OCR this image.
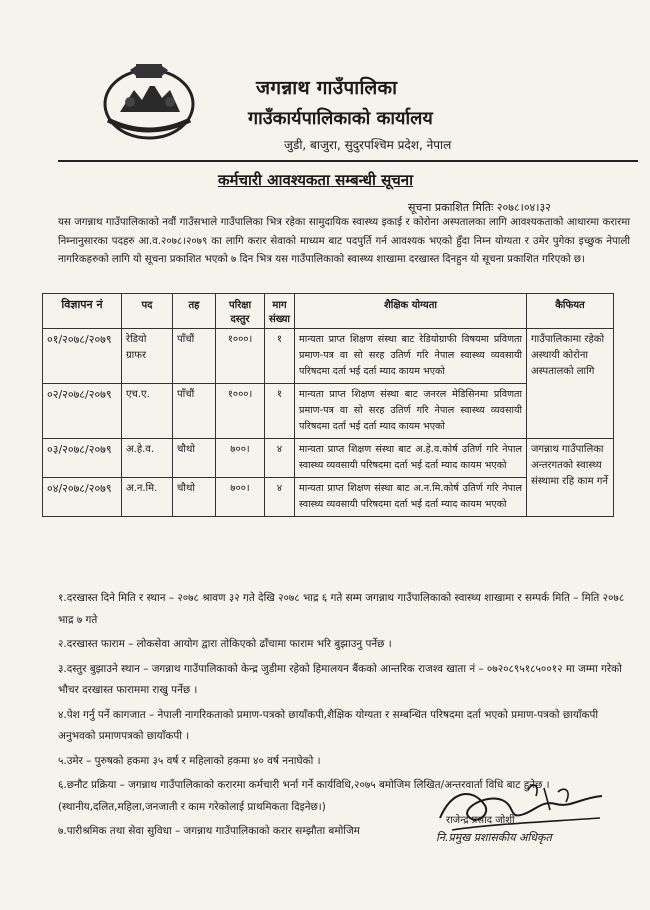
जगन्नाथ गाउँपालिका
गाउँकार्यपालिकाको कार्यालय
जुडी, बाजुरा, सुदुरपश्चिम प्रदेश, नेपाल
कर्मचारी आवश्यकता सम्बन्धी सूचना
सूचना प्रकाशित मितिः २०७८।०४।३२
यस जगन्नाथ गाउँपालिकाको नवौं गाउँसभाले गाउँपालिका भित्र रहेका सामुदायिक स्वास्थ्य इकाई र कोरोना अस्पतालका लागि आवश्यकताको आधारमा करारमा निम्नानुसारका पदहरु आ.व.२०७८।२०७९ का लागि करार सेवाको माध्यम बाट पदपुर्ति गर्न आवश्यक भएको हुँदा निम्न योग्यता र उमेर पुगेका इच्छुक नेपाली नागरिकहरुको लागि यो सूचना प्रकाशित भएको ७ दिन भित्र यस गाउँपालिकाको स्वास्थ्य शाखामा दरखास्त दिनहुन यो सूचना प्रकाशित गरिएको छ।
विज्ञापन नं	पद	तह	परिक्षा दस्तुर	माग संख्या	शैक्षिक योग्यता	कैफियत
०१/२०७८/२०७९	रेडियो ग्राफर	पाँचौं	१०००।	१	मान्यता प्राप्त शिक्षण संस्था बाट रेडियोग्राफी विषयमा प्रविणता प्रमाण-पत्र वा सो सरह उतिर्ण गरि नेपाल स्वास्थ्य व्यवसायी परिषदमा दर्ता भई दर्ता म्याद कायम भएको	गाउँपालिकामा रहेको अस्थायी कोरोना अस्पतालको लागि
०२/२०७८/२०७९	एच.ए.	पाँचौं	१०००।	१	मान्यता प्राप्त शिक्षण संस्था बाट जनरल मेडिसिनमा प्रविणता प्रमाण-पत्र वा सो सरह उतिर्ण गरि नेपाल स्वास्थ्य व्यवसायी परिषदमा दर्ता भई दर्ता म्याद कायम भएको	
०३/२०७८/२०७९	अ.हे.व.	चौथो	७००।	४	मान्यता प्राप्त शिक्षण संस्था बाट अ.हे.व.कोर्ष उतिर्ण गरि नेपाल स्वास्थ्य व्यवसायी परिषदमा दर्ता भई दर्ता म्याद कायम भएको	जगन्नाथ गाउँपालिका अन्तरगतको स्वास्थ्य संस्थामा रहि काम गर्ने
०४/२०७८/२०७९	अ.न.मि.	चौथो	७००।	४	मान्यता प्राप्त शिक्षण संस्था बाट अ.न.मि.कोर्ष उतिर्ण गरि नेपाल स्वास्थ्य व्यवसायी परिषदमा दर्ता भई दर्ता म्याद कायम भएको	

१.दरखास्त दिने मिति र स्थान – २०७८ श्रावण ३२ गते देखि २०७८ भाद्र ६ गते सम्म जगन्नाथ गाउँपालिकाको स्वास्थ्य शाखामा र सम्पर्क मिति – मिति २०७८ भाद्र ७ गते

२.दरखास्त फाराम – लोकसेवा आयोग द्वारा तोकिएको ढाँचामा फाराम भरि बुझाउनु पर्नेछ ।

३.दस्तुर बुझाउने स्थान – जगन्नाथ गाउँपालिकाको केन्द्र जुडीमा रहेको हिमालयन बैंकको आन्तरिक राजश्व खाता नं – ०७२०८९५१८५००१२ मा जम्मा गरेको भौचर दरखास्त फाराममा राखु पर्नेछ ।

४.पेश गर्नु पर्ने कागजात – नेपाली नागरिकताको प्रमाण-पत्रको छायाँकपी,शैक्षिक योग्यता र सम्बन्धित परिषदमा दर्ता भएको प्रमाण-पत्रको छायाँकपी अनुभवको प्रमाणपत्रको छायाँकपी ।

५.उमेर – पुरुषको हकमा ३५ वर्ष र महिलाको हकमा ४० वर्ष ननाघेको ।

६.छनौट प्रक्रिया – जगन्नाथ गाउँपालिकाको करारमा कर्मचारी भर्ना गर्ने कार्यविधि,२०७५ बमोजिम लिखित/अन्तरवार्ता विधि बाट हुनेछ ।(स्थानीय,दलित,महिला,जनजाती र काम गरेकोलाई प्राथमिकता दिइनेछ।)

७.पारीश्रमिक तथा सेवा सुविधा – जगन्नाथ गाउँपालिकाको करार सम्झौता बमोजिम

राजेन्द्र प्रसाद जोशी
नि.प्रमुख प्रशासकीय अधिकृत
